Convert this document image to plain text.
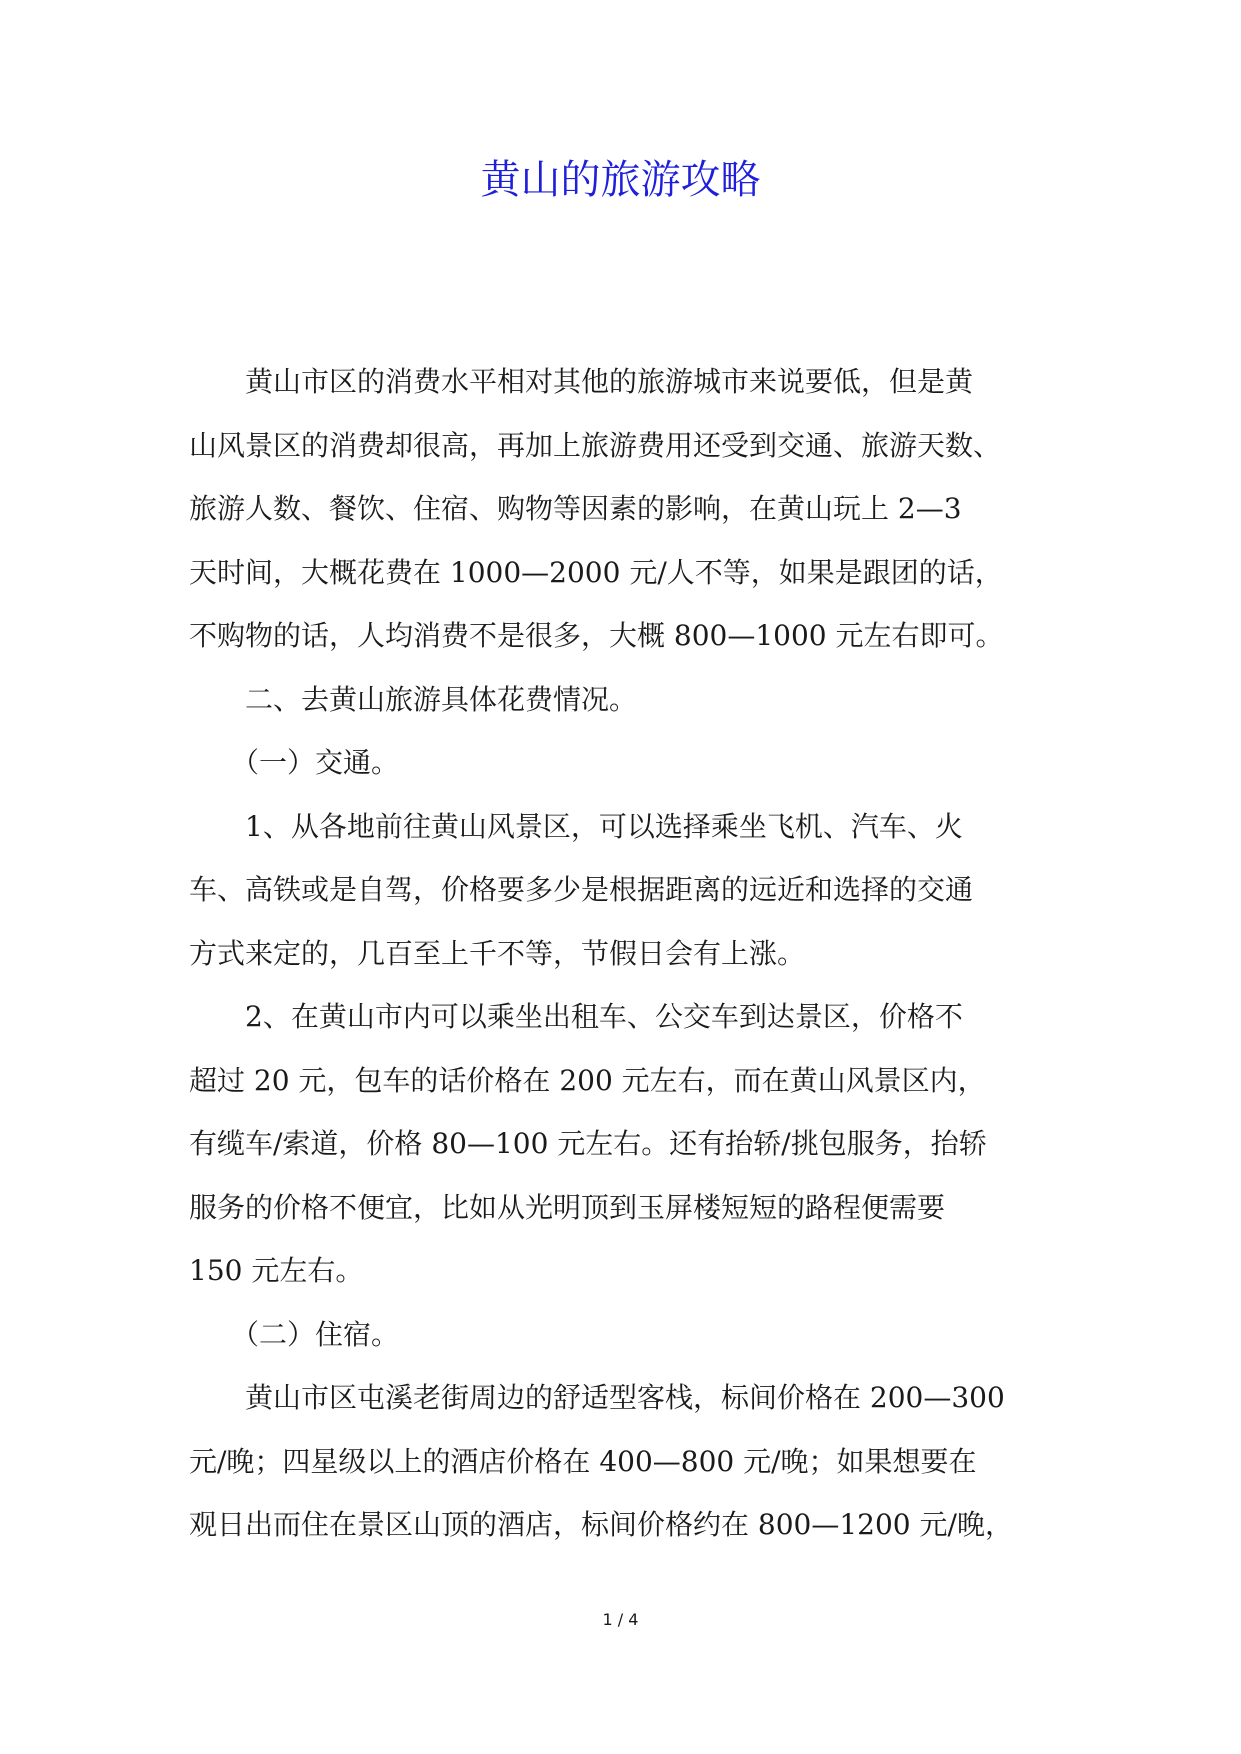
黄山的旅游攻略
　　黄山市区的消费水平相对其他的旅游城市来说要低，但是黄
山风景区的消费却很高，再加上旅游费用还受到交通、旅游天数、
旅游人数、餐饮、住宿、购物等因素的影响，在黄山玩上 2—3
天时间，大概花费在 1000—2000 元/人不等，如果是跟团的话，
不购物的话，人均消费不是很多，大概 800—1000 元左右即可。
　　二、去黄山旅游具体花费情况。
　　（一）交通。
　　1、从各地前往黄山风景区，可以选择乘坐飞机、汽车、火
车、高铁或是自驾，价格要多少是根据距离的远近和选择的交通
方式来定的，几百至上千不等，节假日会有上涨。
　　2、在黄山市内可以乘坐出租车、公交车到达景区，价格不
超过 20 元，包车的话价格在 200 元左右，而在黄山风景区内，
有缆车/索道，价格 80—100 元左右。还有抬轿/挑包服务，抬轿
服务的价格不便宜，比如从光明顶到玉屏楼短短的路程便需要
150 元左右。
　　（二）住宿。
　　黄山市区屯溪老街周边的舒适型客栈，标间价格在 200—300
元/晚；四星级以上的酒店价格在 400—800 元/晚；如果想要在
观日出而住在景区山顶的酒店，标间价格约在 800—1200 元/晚，
1 / 4
